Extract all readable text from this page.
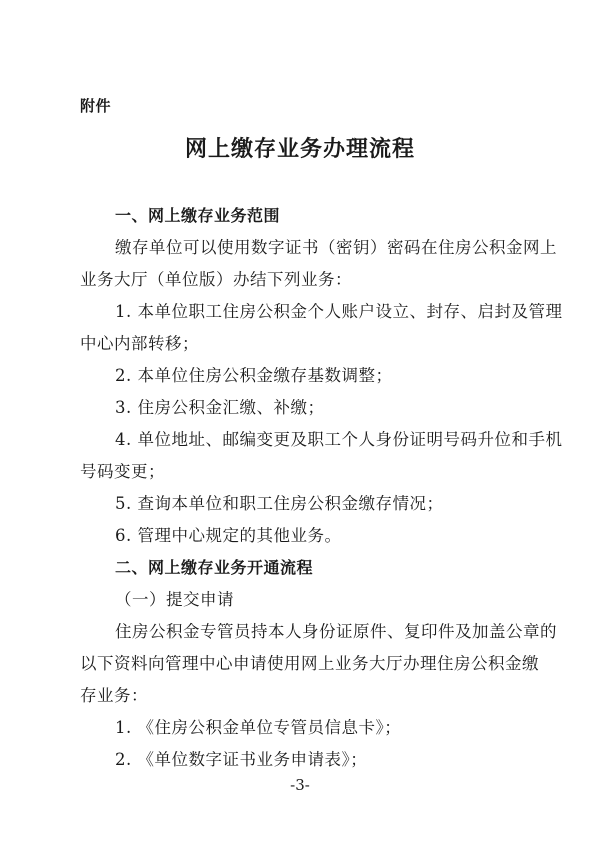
附件
网上缴存业务办理流程
一、网上缴存业务范围
缴存单位可以使用数字证书（密钥）密码在住房公积金网上
业务大厅（单位版）办结下列业务：
1. 本单位职工住房公积金个人账户设立、封存、启封及管理
中心内部转移；
2. 本单位住房公积金缴存基数调整；
3. 住房公积金汇缴、补缴；
4. 单位地址、邮编变更及职工个人身份证明号码升位和手机
号码变更；
5. 查询本单位和职工住房公积金缴存情况；
6. 管理中心规定的其他业务。
二、网上缴存业务开通流程
（一）提交申请
住房公积金专管员持本人身份证原件、复印件及加盖公章的
以下资料向管理中心申请使用网上业务大厅办理住房公积金缴
存业务：
1. 《住房公积金单位专管员信息卡》；
2. 《单位数字证书业务申请表》；
-3-
